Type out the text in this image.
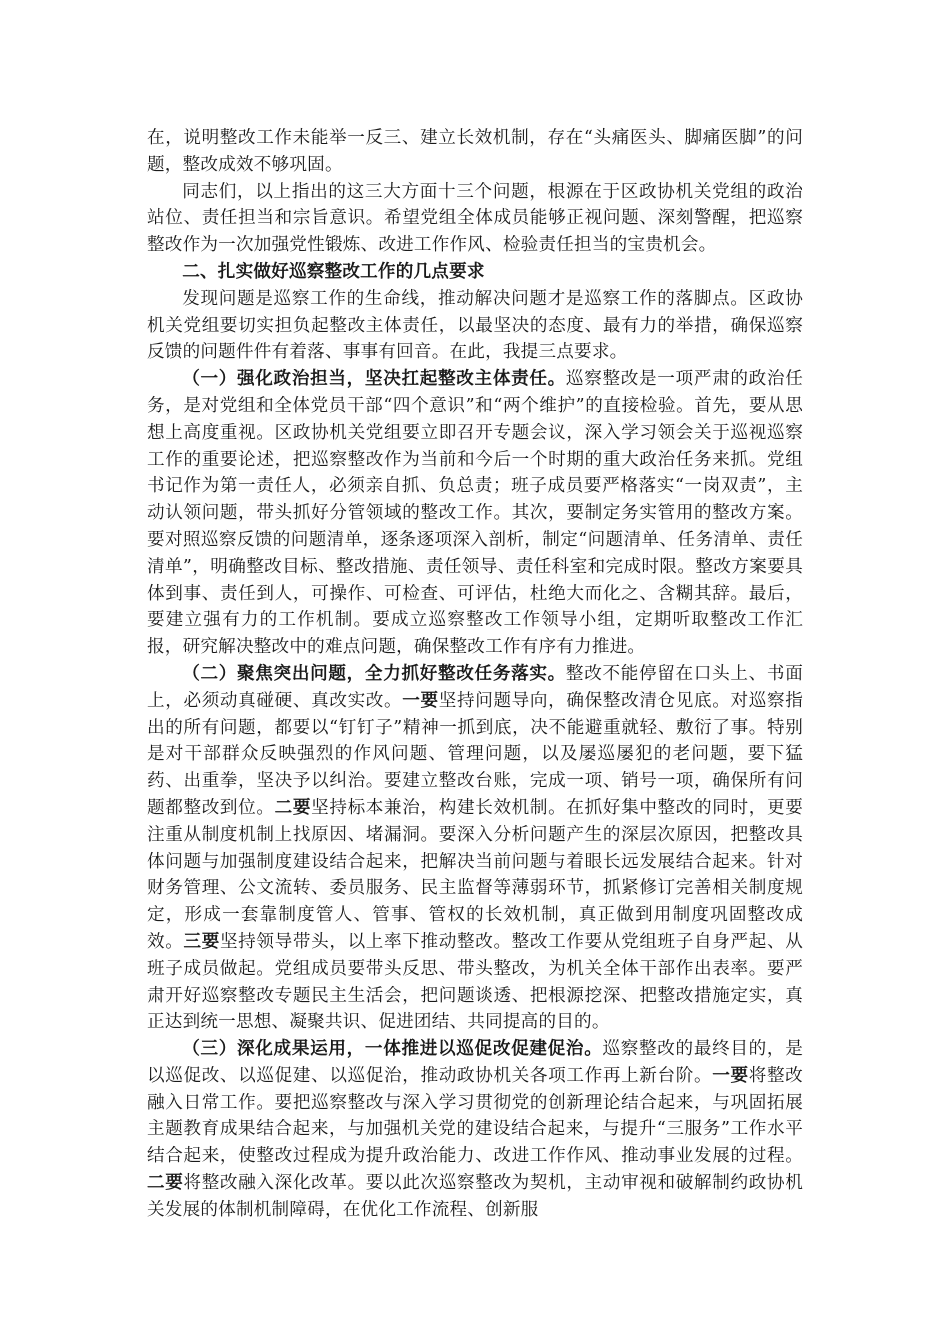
在，说明整改工作未能举一反三、建立长效机制，存在“头痛医头、脚痛医脚”的问题，整改成效不够巩固。

同志们，以上指出的这三大方面十三个问题，根源在于区政协机关党组的政治站位、责任担当和宗旨意识。希望党组全体成员能够正视问题、深刻警醒，把巡察整改作为一次加强党性锻炼、改进工作作风、检验责任担当的宝贵机会。

二、扎实做好巡察整改工作的几点要求

发现问题是巡察工作的生命线，推动解决问题才是巡察工作的落脚点。区政协机关党组要切实担负起整改主体责任，以最坚决的态度、最有力的举措，确保巡察反馈的问题件件有着落、事事有回音。在此，我提三点要求。

（一）强化政治担当，坚决扛起整改主体责任。巡察整改是一项严肃的政治任务，是对党组和全体党员干部“四个意识”和“两个维护”的直接检验。首先，要从思想上高度重视。区政协机关党组要立即召开专题会议，深入学习领会关于巡视巡察工作的重要论述，把巡察整改作为当前和今后一个时期的重大政治任务来抓。党组书记作为第一责任人，必须亲自抓、负总责；班子成员要严格落实“一岗双责”，主动认领问题，带头抓好分管领域的整改工作。其次，要制定务实管用的整改方案。要对照巡察反馈的问题清单，逐条逐项深入剖析，制定“问题清单、任务清单、责任清单”，明确整改目标、整改措施、责任领导、责任科室和完成时限。整改方案要具体到事、责任到人，可操作、可检查、可评估，杜绝大而化之、含糊其辞。最后，要建立强有力的工作机制。要成立巡察整改工作领导小组，定期听取整改工作汇报，研究解决整改中的难点问题，确保整改工作有序有力推进。

（二）聚焦突出问题，全力抓好整改任务落实。整改不能停留在口头上、书面上，必须动真碰硬、真改实改。一要坚持问题导向，确保整改清仓见底。对巡察指出的所有问题，都要以“钉钉子”精神一抓到底，决不能避重就轻、敷衍了事。特别是对干部群众反映强烈的作风问题、管理问题，以及屡巡屡犯的老问题，要下猛药、出重拳，坚决予以纠治。要建立整改台账，完成一项、销号一项，确保所有问题都整改到位。二要坚持标本兼治，构建长效机制。在抓好集中整改的同时，更要注重从制度机制上找原因、堵漏洞。要深入分析问题产生的深层次原因，把整改具体问题与加强制度建设结合起来，把解决当前问题与着眼长远发展结合起来。针对财务管理、公文流转、委员服务、民主监督等薄弱环节，抓紧修订完善相关制度规定，形成一套靠制度管人、管事、管权的长效机制，真正做到用制度巩固整改成效。三要坚持领导带头，以上率下推动整改。整改工作要从党组班子自身严起、从班子成员做起。党组成员要带头反思、带头整改，为机关全体干部作出表率。要严肃开好巡察整改专题民主生活会，把问题谈透、把根源挖深、把整改措施定实，真正达到统一思想、凝聚共识、促进团结、共同提高的目的。

（三）深化成果运用，一体推进以巡促改促建促治。巡察整改的最终目的，是以巡促改、以巡促建、以巡促治，推动政协机关各项工作再上新台阶。一要将整改融入日常工作。要把巡察整改与深入学习贯彻党的创新理论结合起来，与巩固拓展主题教育成果结合起来，与加强机关党的建设结合起来，与提升“三服务”工作水平结合起来，使整改过程成为提升政治能力、改进工作作风、推动事业发展的过程。二要将整改融入深化改革。要以此次巡察整改为契机，主动审视和破解制约政协机关发展的体制机制障碍，在优化工作流程、创新服
